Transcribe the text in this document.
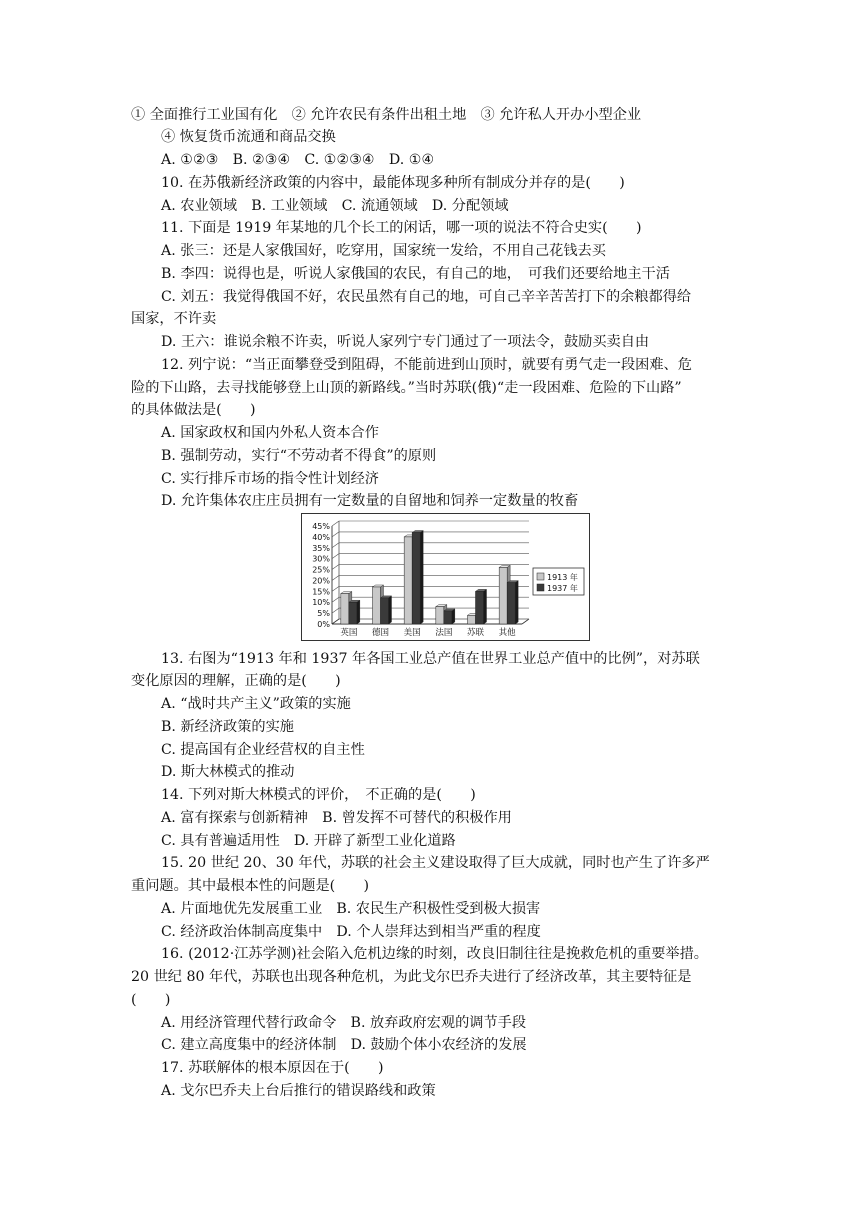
① 全面推行工业国有化　② 允许农民有条件出租土地　③ 允许私人开办小型企业
④ 恢复货币流通和商品交换
A. ①②③　B. ②③④　C. ①②③④　D. ①④
10. 在苏俄新经济政策的内容中，最能体现多种所有制成分并存的是(　　)
A. 农业领域　B. 工业领域　C. 流通领域　D. 分配领域
11. 下面是 1919 年某地的几个长工的闲话，哪一项的说法不符合史实(　　)
A. 张三：还是人家俄国好，吃穿用，国家统一发给，不用自己花钱去买
B. 李四：说得也是，听说人家俄国的农民，有自己的地，　可我们还要给地主干活
C. 刘五：我觉得俄国不好，农民虽然有自己的地，可自己辛辛苦苦打下的余粮都得给
国家，不许卖
D. 王六：谁说余粮不许卖，听说人家列宁专门通过了一项法令，鼓励买卖自由
12. 列宁说：“当正面攀登受到阻碍，不能前进到山顶时，就要有勇气走一段困难、危
险的下山路，去寻找能够登上山顶的新路线。”当时苏联(俄)“走一段困难、危险的下山路”
的具体做法是(　　)
A. 国家政权和国内外私人资本合作
B. 强制劳动，实行“不劳动者不得食”的原则
C. 实行排斥市场的指令性计划经济
D. 允许集体农庄庄员拥有一定数量的自留地和饲养一定数量的牧畜
45%
40%
35%
30%
25%
20%
15%
10%
5%
0%
英国 德国 美国 法国 苏联 其他
1913 年
1937 年
13. 右图为“1913 年和 1937 年各国工业总产值在世界工业总产值中的比例”，对苏联
变化原因的理解，正确的是(　　)
A. “战时共产主义”政策的实施
B. 新经济政策的实施
C. 提高国有企业经营权的自主性
D. 斯大林模式的推动
14. 下列对斯大林模式的评价，　不正确的是(　　)
A. 富有探索与创新精神　B. 曾发挥不可替代的积极作用
C. 具有普遍适用性　D. 开辟了新型工业化道路
15. 20 世纪 20、30 年代，苏联的社会主义建设取得了巨大成就，同时也产生了许多严
重问题。其中最根本性的问题是(　　)
A. 片面地优先发展重工业　B. 农民生产积极性受到极大损害
C. 经济政治体制高度集中　D. 个人崇拜达到相当严重的程度
16. (2012·江苏学测)社会陷入危机边缘的时刻，改良旧制往往是挽救危机的重要举措。
20 世纪 80 年代，苏联也出现各种危机，为此戈尔巴乔夫进行了经济改革，其主要特征是
(　　)
A. 用经济管理代替行政命令　B. 放弃政府宏观的调节手段
C. 建立高度集中的经济体制　D. 鼓励个体小农经济的发展
17. 苏联解体的根本原因在于(　　)
A. 戈尔巴乔夫上台后推行的错误路线和政策
